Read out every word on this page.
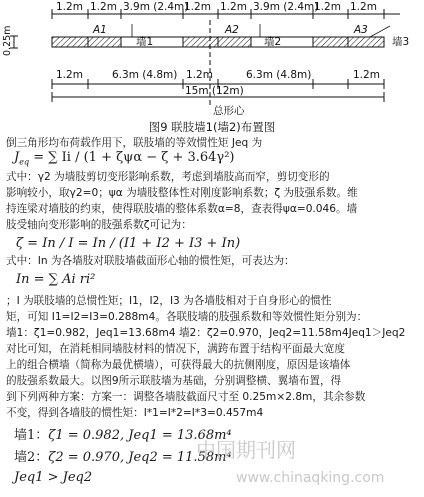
1.2m 1.2m 3.9m (2.4m)
1.2m 1.2m 3.9m (2.4m)
1.2m 1.2m
1.2m	6.3m (4.8m) 1.2m	6.3m (4.8m)	1.2m
15m (12m)
总形心
0.25m	A1	A2	A3
墙1	墙2	墙3
图9 联肢墙1(墙2)布置图
倒三角形均布荷载作用下，联肢墙的等效惯性矩 Jeq 为
$J_{eq}$ = ∑ Ii / (1 + ζψα − ζ + 3.64γ²)
式中：γ2 为墙肢剪切变形影响系数，考虑到墙肢高而窄，剪切变形的
影响较小，取γ2=0；ψα 为墙肢整体性对刚度影响系数；ζ 为肢强系数。维
持连梁对墙肢的约束，使得联肢墙的整体系数α=8，查表得ψα=0.046。墙
肢受轴向变形影响的肢强系数ζ可记为：
ζ = In / I = In / (I1 + I2 + I3 + In)
式中：In 为各墙肢对联肢墙截面形心轴的惯性矩，可表达为：
In = ∑ Ai ri²
；I 为联肢墙的总惯性矩；I1，I2，I3 为各墙肢相对于自身形心的惯性
矩，可知 I1=I2=I3=0.288m4。各联肢墙的肢强系数和等效惯性矩分别为：
墙1：ζ1=0.982，Jeq1=13.68m4 墙2：ζ2=0.970，Jeq2=11.58m4Jeq1＞Jeq2
对比可知，在消耗相同墙肢材料的情况下，满跨布置于结构平面最大宽度
上的组合横墙（简称为最优横墙），可获得最大的抗侧刚度，原因是该墙体
的肢强系数最大。以图9所示联肢墙为基础，分别调整横、翼墙布置，得
到下列两种方案：方案一：调整各墙肢截面尺寸至 0.25m×2.8m，其余参数
不变，得到各墙肢的惯性矩：I*1=I*2=I*3=0.457m4
墙1：ζ1 = 0.982, Jeq1 = 13.68m⁴
墙2：ζ2 = 0.970, Jeq2 = 11.58m⁴
Jeq1 > Jeq2
中国期刊网
www.chinaqking.com
